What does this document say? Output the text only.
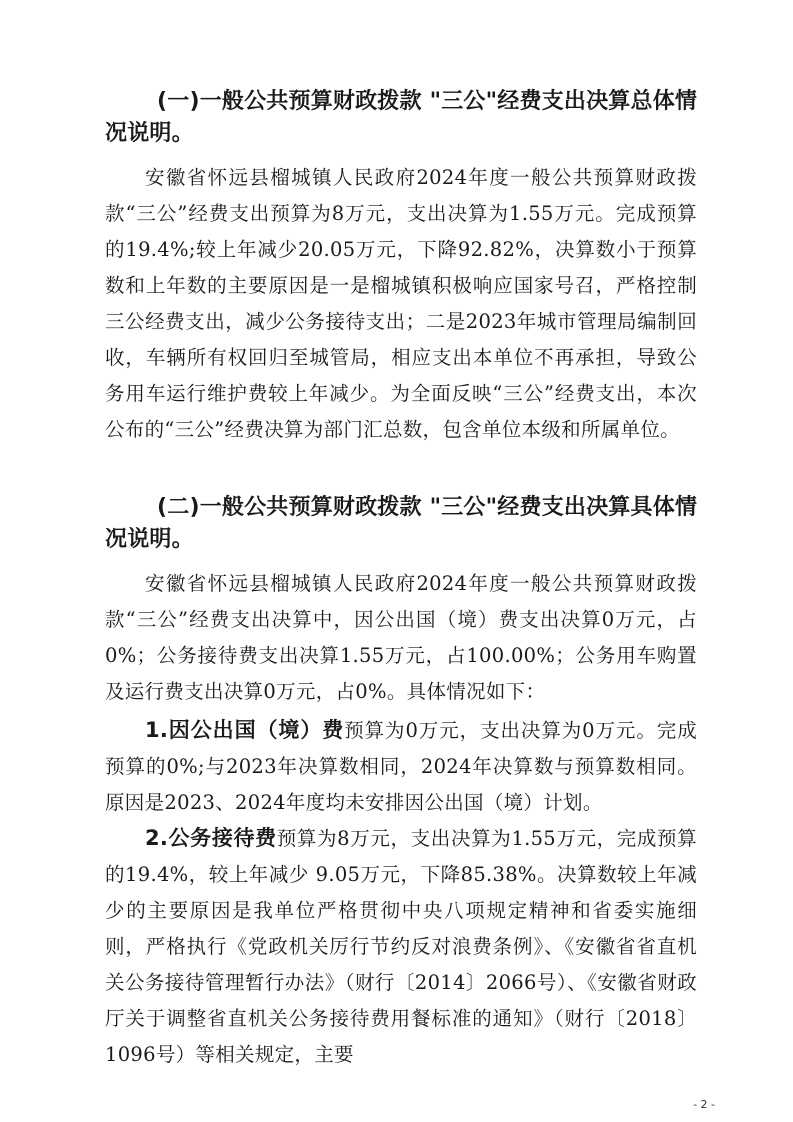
(一)一般公共预算财政拨款 "三公"经费支出决算总体情况说明。

安徽省怀远县榴城镇人民政府2024年度一般公共预算财政拨款“三公”经费支出预算为8万元，支出决算为1.55万元。完成预算的19.4%;较上年减少20.05万元，下降92.82%，决算数小于预算数和上年数的主要原因是一是榴城镇积极响应国家号召，严格控制三公经费支出，减少公务接待支出；二是2023年城市管理局编制回收，车辆所有权回归至城管局，相应支出本单位不再承担，导致公务用车运行维护费较上年减少。为全面反映“三公”经费支出，本次公布的“三公”经费决算为部门汇总数，包含单位本级和所属单位。

(二)一般公共预算财政拨款 "三公"经费支出决算具体情况说明。

安徽省怀远县榴城镇人民政府2024年度一般公共预算财政拨款“三公”经费支出决算中，因公出国（境）费支出决算0万元，占0%；公务接待费支出决算1.55万元，占100.00%；公务用车购置及运行费支出决算0万元，占0%。具体情况如下：

1.因公出国（境）费预算为0万元，支出决算为0万元。完成预算的0%;与2023年决算数相同，2024年决算数与预算数相同。原因是2023、2024年度均未安排因公出国（境）计划。

2.公务接待费预算为8万元，支出决算为1.55万元，完成预算的19.4%，较上年减少 9.05万元，下降85.38%。决算数较上年减少的主要原因是我单位严格贯彻中央八项规定精神和省委实施细则，严格执行《党政机关厉行节约反对浪费条例》、《安徽省省直机关公务接待管理暂行办法》（财行〔2014〕2066号）、《安徽省财政厅关于调整省直机关公务接待费用餐标准的通知》（财行〔2018〕1096号）等相关规定，主要

- 2 -
